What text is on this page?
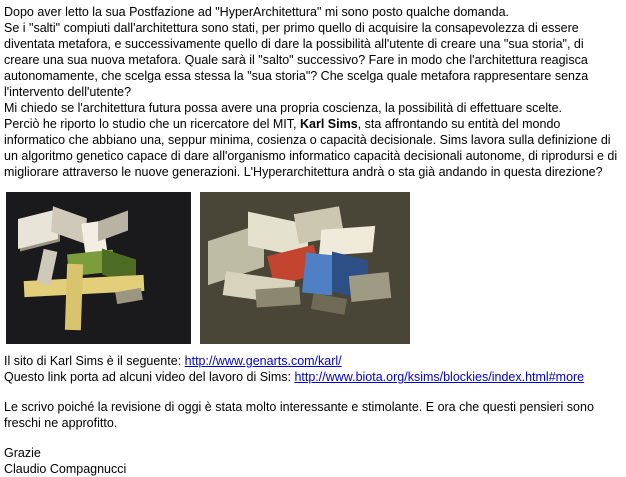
Dopo aver letto la sua Postfazione ad "HyperArchitettura" mi sono posto qualche domanda.

Se i "salti" compiuti dall'architettura sono stati, per primo quello di acquisire la consapevolezza di essere diventata metafora, e successivamente quello di dare la possibilità all'utente di creare una "sua storia", di creare una sua nuova metafora. Quale sarà il "salto" successivo? Fare in modo che l'architettura reagisca autonomamente, che scelga essa stessa la "sua storia"? Che scelga quale metafora rappresentare senza l'intervento dell'utente?

Mi chiedo se l'architettura futura possa avere una propria coscienza, la possibilità di effettuare scelte.

Perciò he riporto lo studio che un ricercatore del MIT, Karl Sims, sta affrontando su entità del mondo informatico che abbiano una, seppur minima, cosienza o capacità decisionale. Sims lavora sulla definizione di un algoritmo genetico capace di dare all'organismo informatico capacità decisionali autonome, di riprodursi e di migliorare attraverso le nuove generazioni. L'Hyperarchitettura andrà o sta già andando in questa direzione?

Il sito di Karl Sims è il seguente: http://www.genarts.com/karl/

Questo link porta ad alcuni video del lavoro di Sims: http://www.biota.org/ksims/blockies/index.html#more

Le scrivo poiché la revisione di oggi è stata molto interessante e stimolante. E ora che questi pensieri sono freschi ne approfitto.

Grazie

Claudio Compagnucci
